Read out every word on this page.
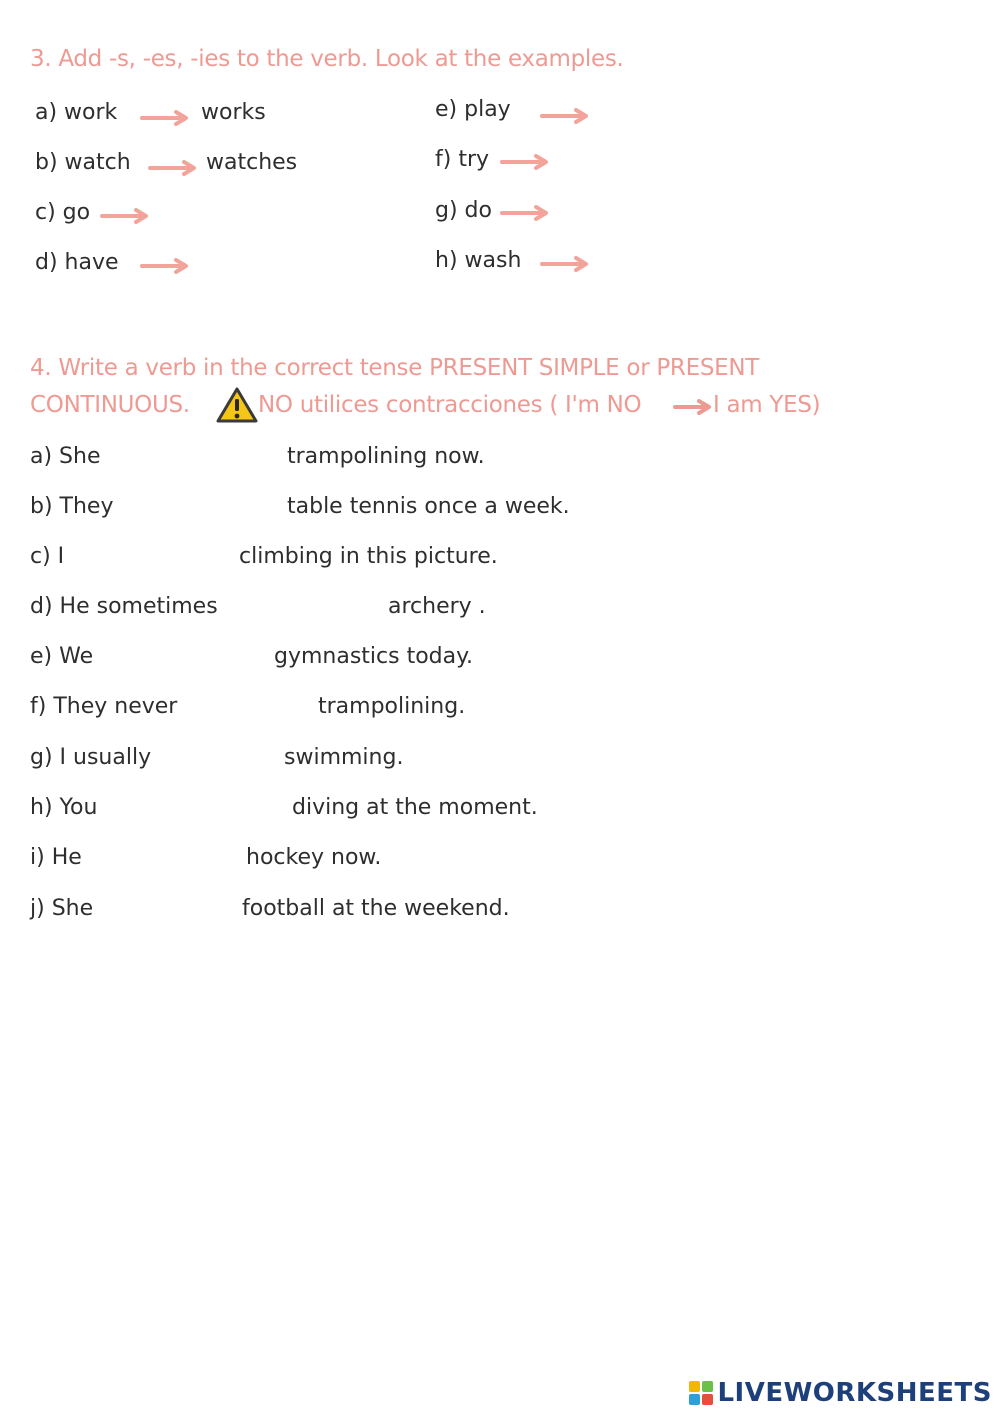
3. Add -s, -es, -ies to the verb. Look at the examples.
a) work	works
b) watch	watches
c) go
d) have
e) play
f) try
g) do
h) wash
4. Write a verb in the correct tense PRESENT SIMPLE or PRESENT
CONTINUOUS.	NO utilices contracciones ( I'm NO	I am YES)
a) She	trampolining now.
b) They	table tennis once a week.
c) I	climbing in this picture.
d) He sometimes	archery .
e) We	gymnastics today.
f) They never	trampolining.
g) I usually	swimming.
h) You	diving at the moment.
i) He	hockey now.
j) She	football at the weekend.
LIVEWORKSHEETS
